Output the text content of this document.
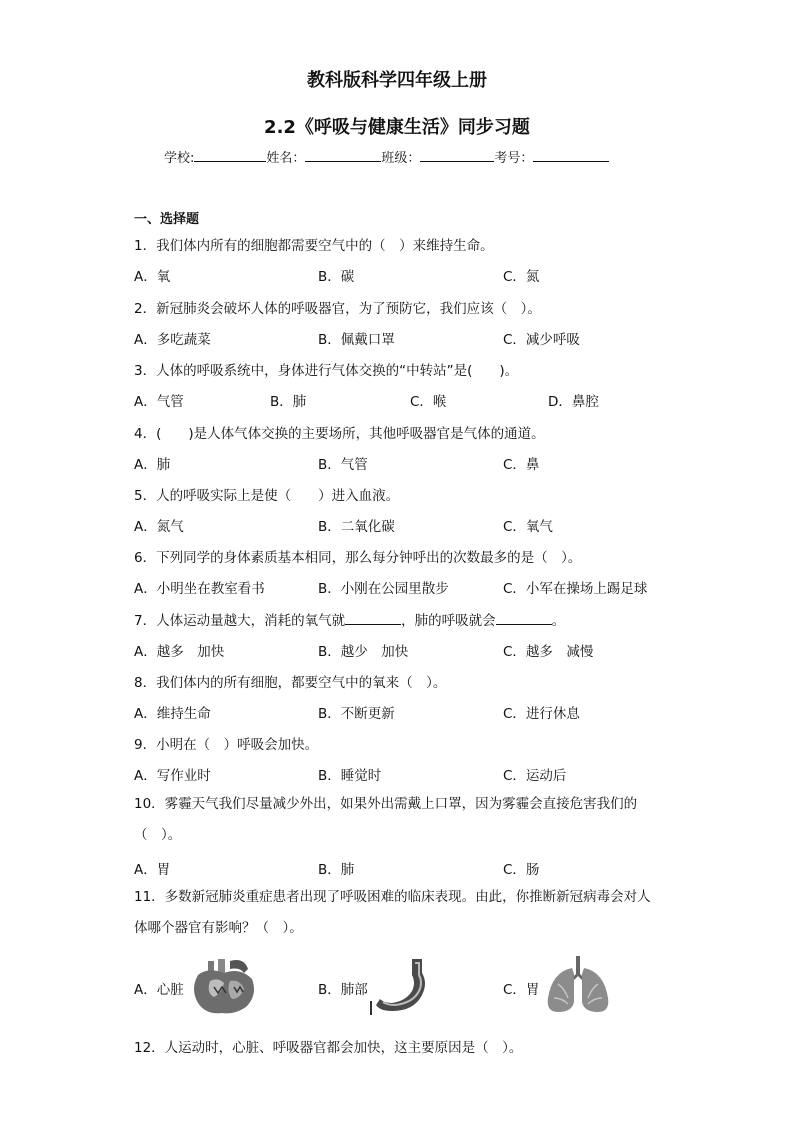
教科版科学四年级上册
2.2《呼吸与健康生活》同步习题
学校:	姓名：	班级：	考号：
一、选择题
1．我们体内所有的细胞都需要空气中的（　）来维持生命。
A．氧	B．碳	C．氮
2．新冠肺炎会破坏人体的呼吸器官，为了预防它，我们应该（　）。
A．多吃蔬菜	B．佩戴口罩	C．减少呼吸
3．人体的呼吸系统中，身体进行气体交换的“中转站”是(　　)。
A．气管	B．肺	C．喉	D．鼻腔
4．(　　)是人体气体交换的主要场所，其他呼吸器官是气体的通道。
A．肺	B．气管	C．鼻
5．人的呼吸实际上是使（　　）进入血液。
A．氮气	B．二氧化碳	C．氧气
6．下列同学的身体素质基本相同，那么每分钟呼出的次数最多的是（　）。
A．小明坐在教室看书	B．小刚在公园里散步	C．小军在操场上踢足球
7．人体运动量越大，消耗的氧气就	，肺的呼吸就会	。
A．越多　加快	B．越少　加快	C．越多　减慢
8．我们体内的所有细胞，都要空气中的氧来（　）。
A．维持生命	B．不断更新	C．进行休息
9．小明在（　）呼吸会加快。
A．写作业时	B．睡觉时	C．运动后
10．雾霾天气我们尽量减少外出，如果外出需戴上口罩，因为雾霾会直接危害我们的（　）。
A．胃	B．肺	C．肠
11．多数新冠肺炎重症患者出现了呼吸困难的临床表现。由此，你推断新冠病毒会对人体哪个器官有影响？（　）。
A．心脏	B．肺部	C．胃
12．人运动时，心脏、呼吸器官都会加快，这主要原因是（　）。
